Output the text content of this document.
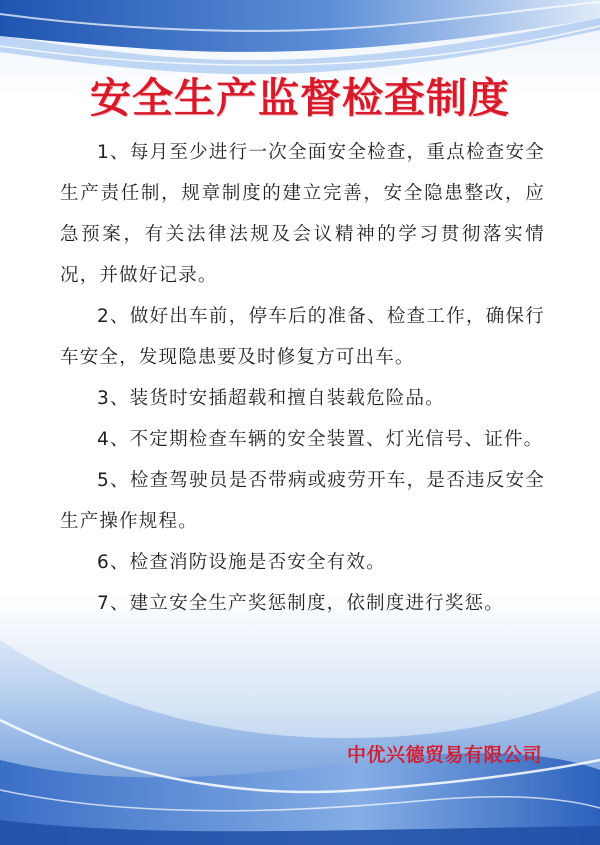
安全生产监督检查制度

1、每月至少进行一次全面安全检查，重点检查安全生产责任制，规章制度的建立完善，安全隐患整改，应急预案，有关法律法规及会议精神的学习贯彻落实情况，并做好记录。

2、做好出车前，停车后的准备、检查工作，确保行车安全，发现隐患要及时修复方可出车。

3、装货时安插超载和擅自装载危险品。

4、不定期检查车辆的安全装置、灯光信号、证件。

5、检查驾驶员是否带病或疲劳开车，是否违反安全生产操作规程。

6、检查消防设施是否安全有效。

7、建立安全生产奖惩制度，依制度进行奖惩。

中优兴德贸易有限公司
